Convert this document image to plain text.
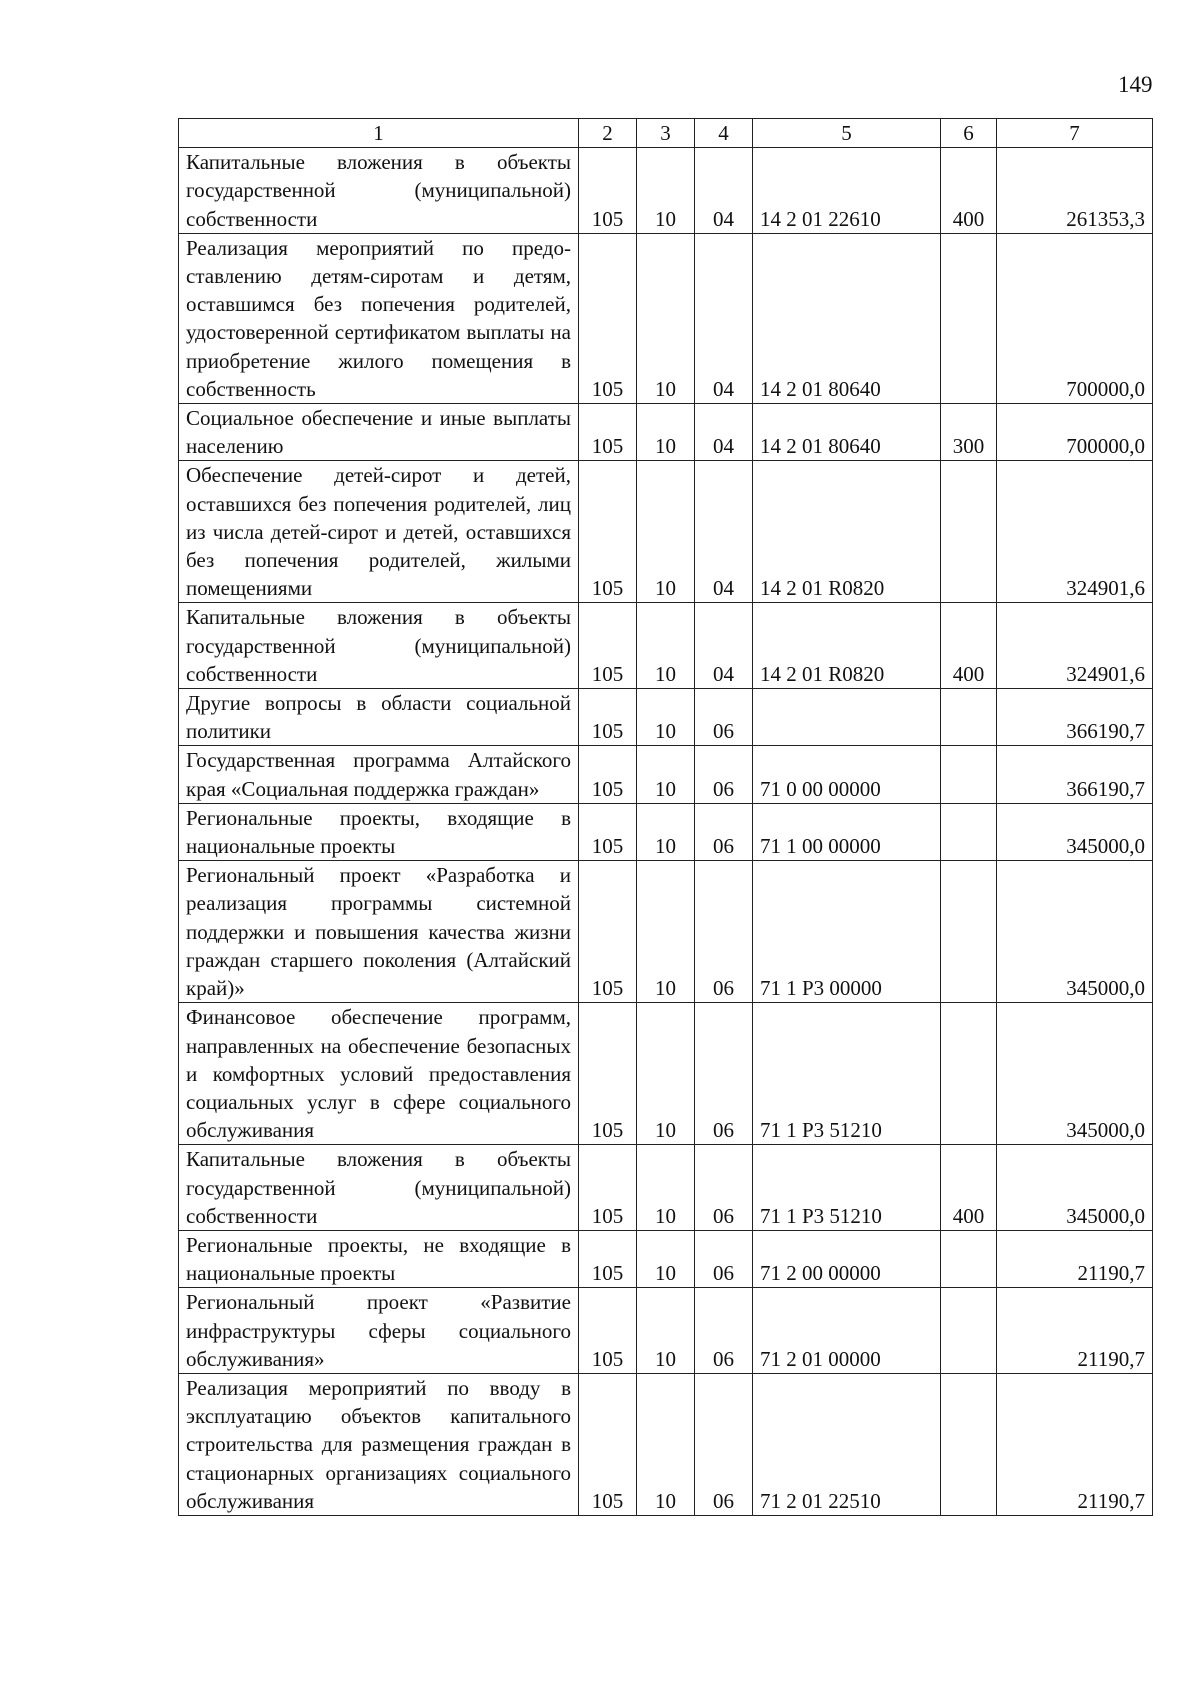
149
1	2	3	4	5	6	7
Капитальные вложения в объекты государственной (муниципальной) собственности	105	10	04	14 2 01 22610	400	261353,3
Реализация мероприятий по предоставлению детям-сиротам и детям, оставшимся без попечения родителей, удостоверенной сертификатом выплаты на приобретение жилого помещения в собственность	105	10	04	14 2 01 80640		700000,0
Социальное обеспечение и иные выплаты населению	105	10	04	14 2 01 80640	300	700000,0
Обеспечение детей-сирот и детей, оставшихся без попечения родителей, лиц из числа детей-сирот и детей, оставшихся без попечения родителей, жилыми помещениями	105	10	04	14 2 01 R0820		324901,6
Капитальные вложения в объекты государственной (муниципальной) собственности	105	10	04	14 2 01 R0820	400	324901,6
Другие вопросы в области социальной политики	105	10	06			366190,7
Государственная программа Алтайского края «Социальная поддержка граждан»	105	10	06	71 0 00 00000		366190,7
Региональные проекты, входящие в национальные проекты	105	10	06	71 1 00 00000		345000,0
Региональный проект «Разработка и реализация программы системной поддержки и повышения качества жизни граждан старшего поколения (Алтайский край)»	105	10	06	71 1 P3 00000		345000,0
Финансовое обеспечение программ, направленных на обеспечение безопасных и комфортных условий предоставления социальных услуг в сфере социального обслуживания	105	10	06	71 1 P3 51210		345000,0
Капитальные вложения в объекты государственной (муниципальной) собственности	105	10	06	71 1 P3 51210	400	345000,0
Региональные проекты, не входящие в национальные проекты	105	10	06	71 2 00 00000		21190,7
Региональный проект «Развитие инфраструктуры сферы социального обслуживания»	105	10	06	71 2 01 00000		21190,7
Реализация мероприятий по вводу в эксплуатацию объектов капитального строительства для размещения граждан в стационарных организациях социального обслуживания	105	10	06	71 2 01 22510		21190,7
